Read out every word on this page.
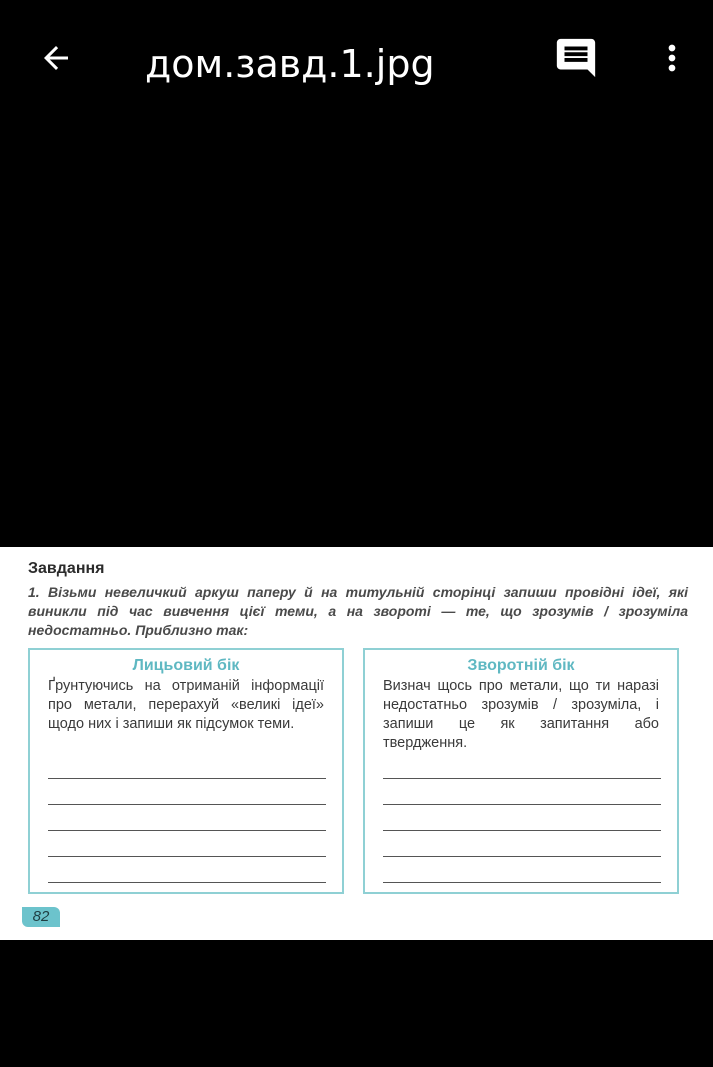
дом.завд.1.jpg
Завдання

1. Візьми невеличкий аркуш паперу й на титульній сторінці запиши провідні ідеї, які виникли під час вивчення цієї теми, а на звороті — те, що зрозумів / зрозуміла недостатньо. Приблизно так:

Лицьовий бік

Ґрунтуючись на отриманій інформації про метали, перерахуй «великі ідеї» щодо них і запиши як підсумок теми.

Зворотній бік

Визнач щось про метали, що ти наразі недостатньо зрозумів / зрозуміла, і запиши це як запитання або твердження.

82
